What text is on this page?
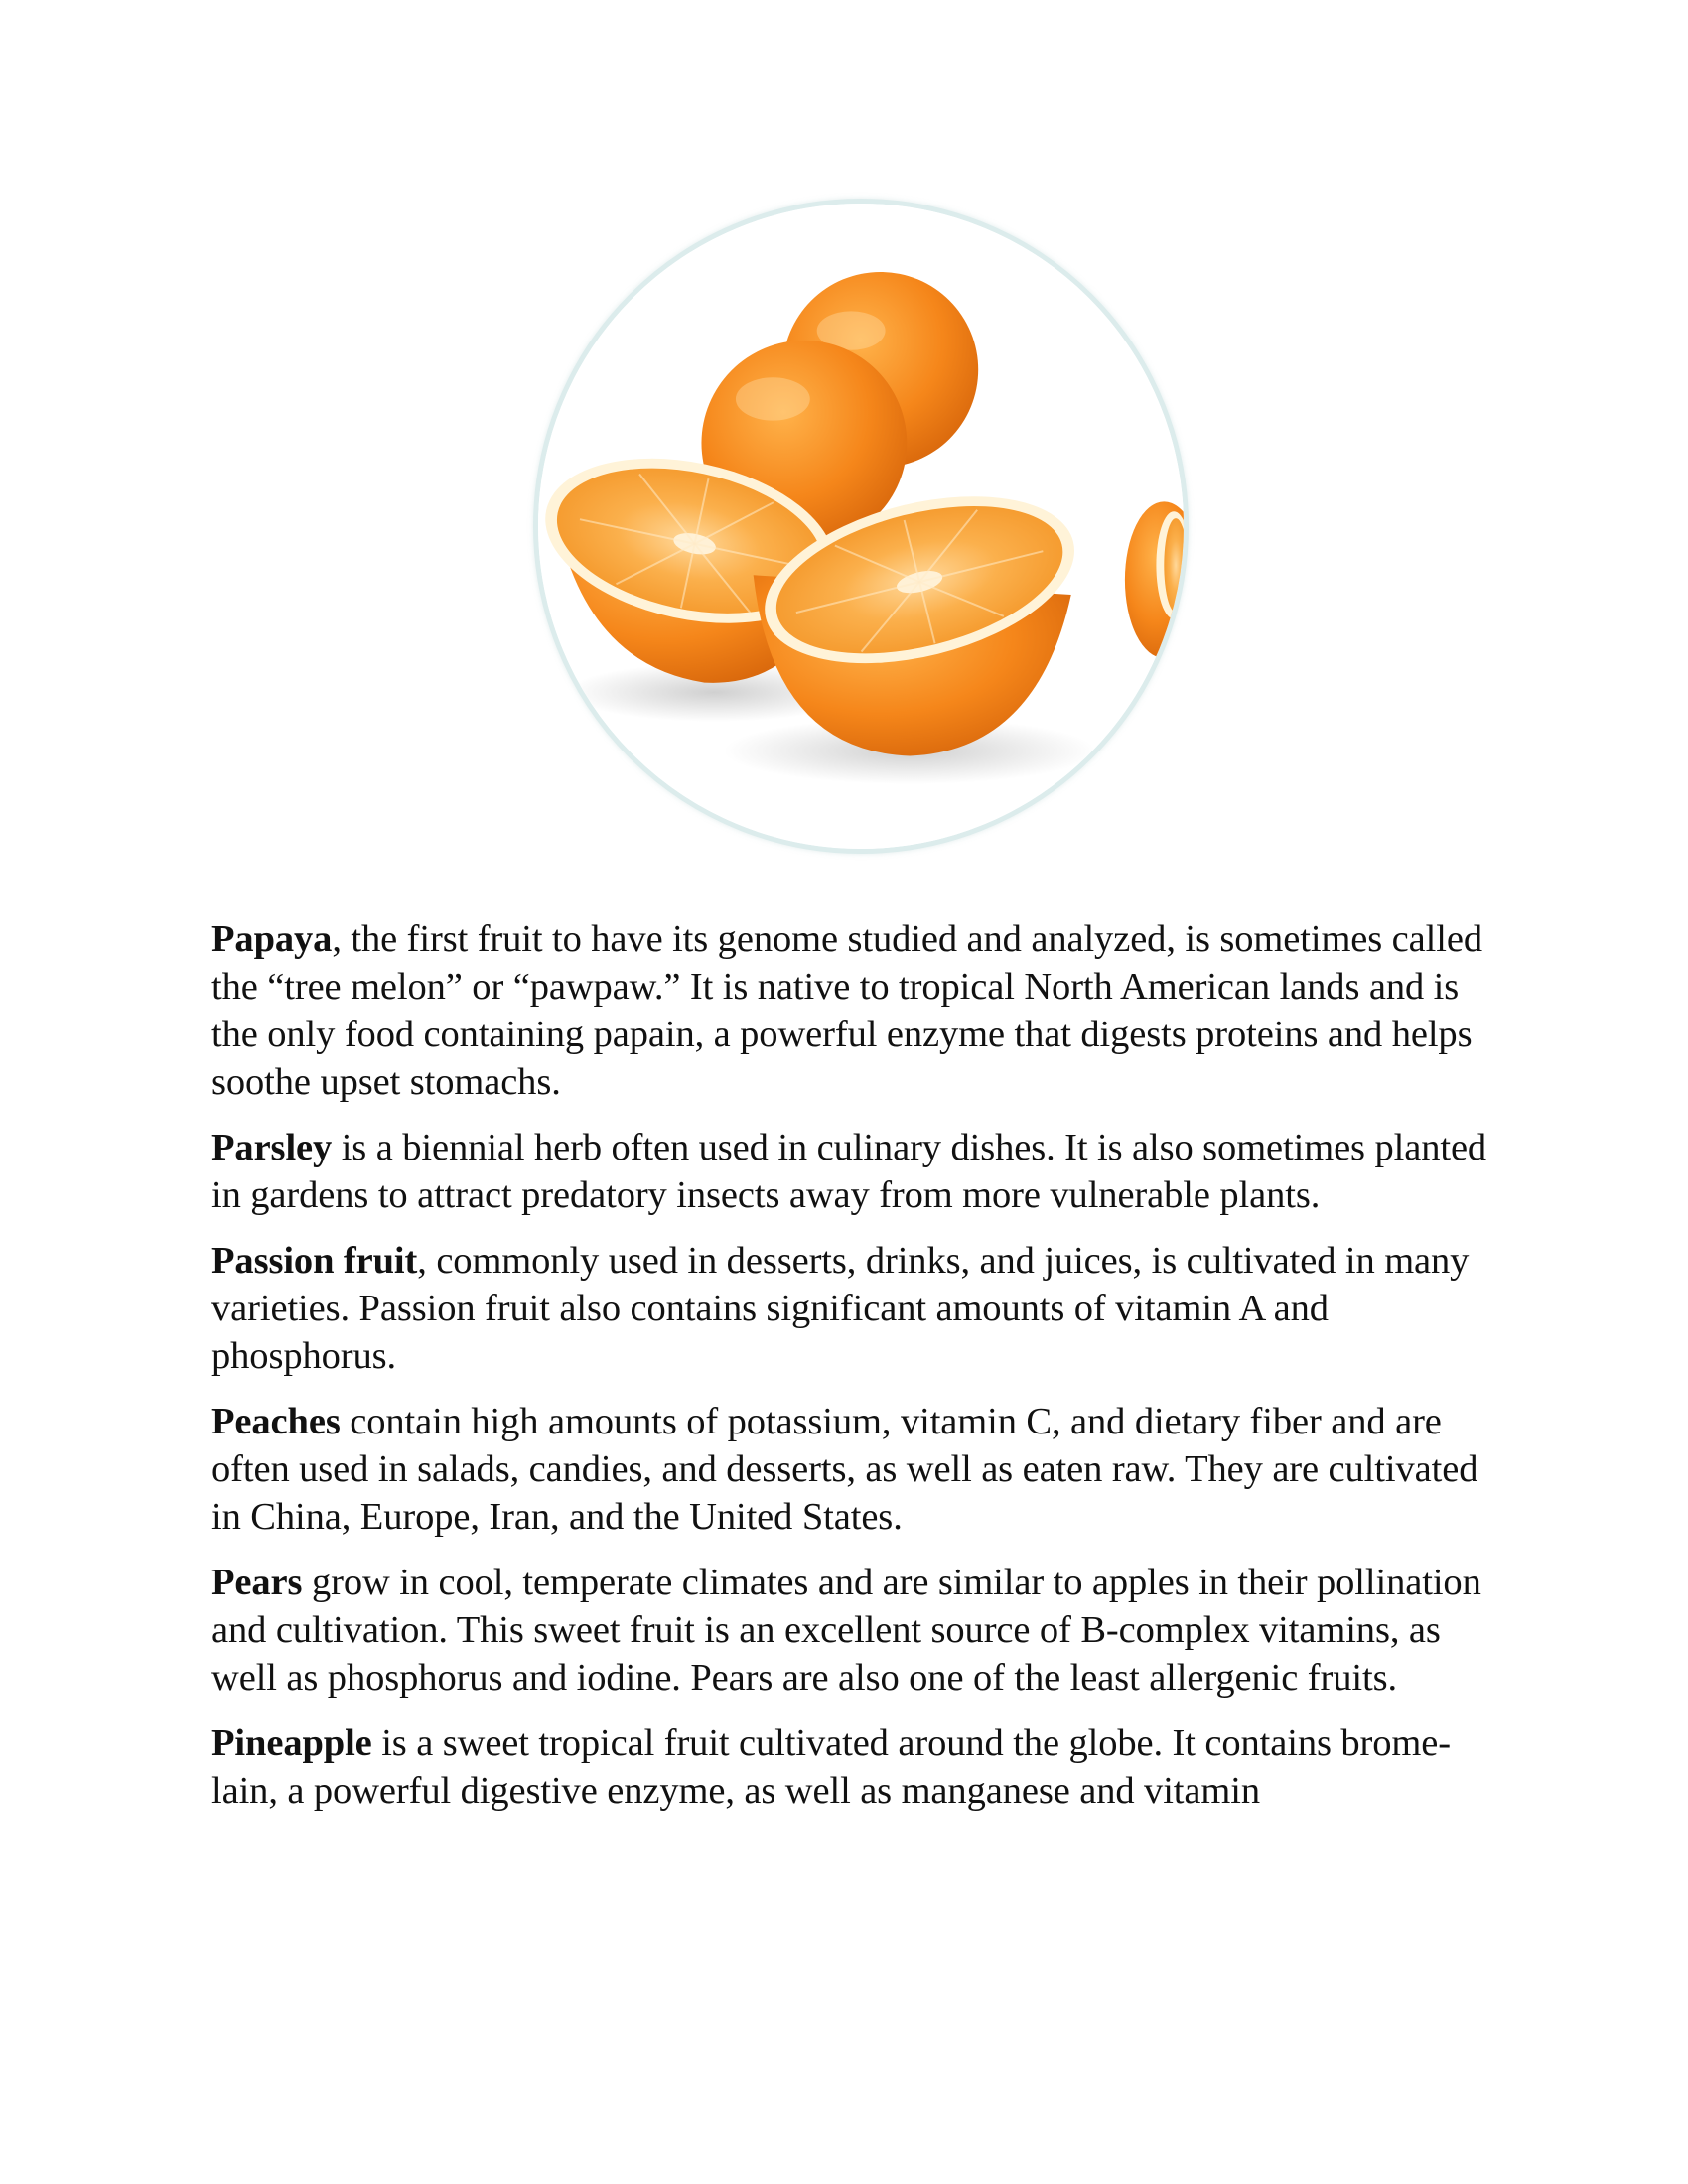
Papaya, the first fruit to have its genome studied and analyzed, is sometimes called the “tree melon” or “pawpaw.” It is native to tropical North American lands and is the only food containing papain, a powerful enzyme that digests proteins and helps soothe upset stomachs.

Parsley is a biennial herb often used in culinary dishes. It is also sometimes planted in gardens to attract predatory insects away from more vulnerable plants.

Passion fruit, commonly used in desserts, drinks, and juices, is cultivated in many varieties. Passion fruit also contains significant amounts of vitamin A and phosphorus.

Peaches contain high amounts of potassium, vitamin C, and dietary fiber and are often used in salads, candies, and desserts, as well as eaten raw. They are cultivated in China, Europe, Iran, and the United States.

Pears grow in cool, temperate climates and are similar to apples in their pollination and cultivation. This sweet fruit is an excellent source of B-complex vitamins, as well as phosphorus and iodine. Pears are also one of the least allergenic fruits.

Pineapple is a sweet tropical fruit cultivated around the globe. It contains brome-lain, a powerful digestive enzyme, as well as manganese and vitamin
